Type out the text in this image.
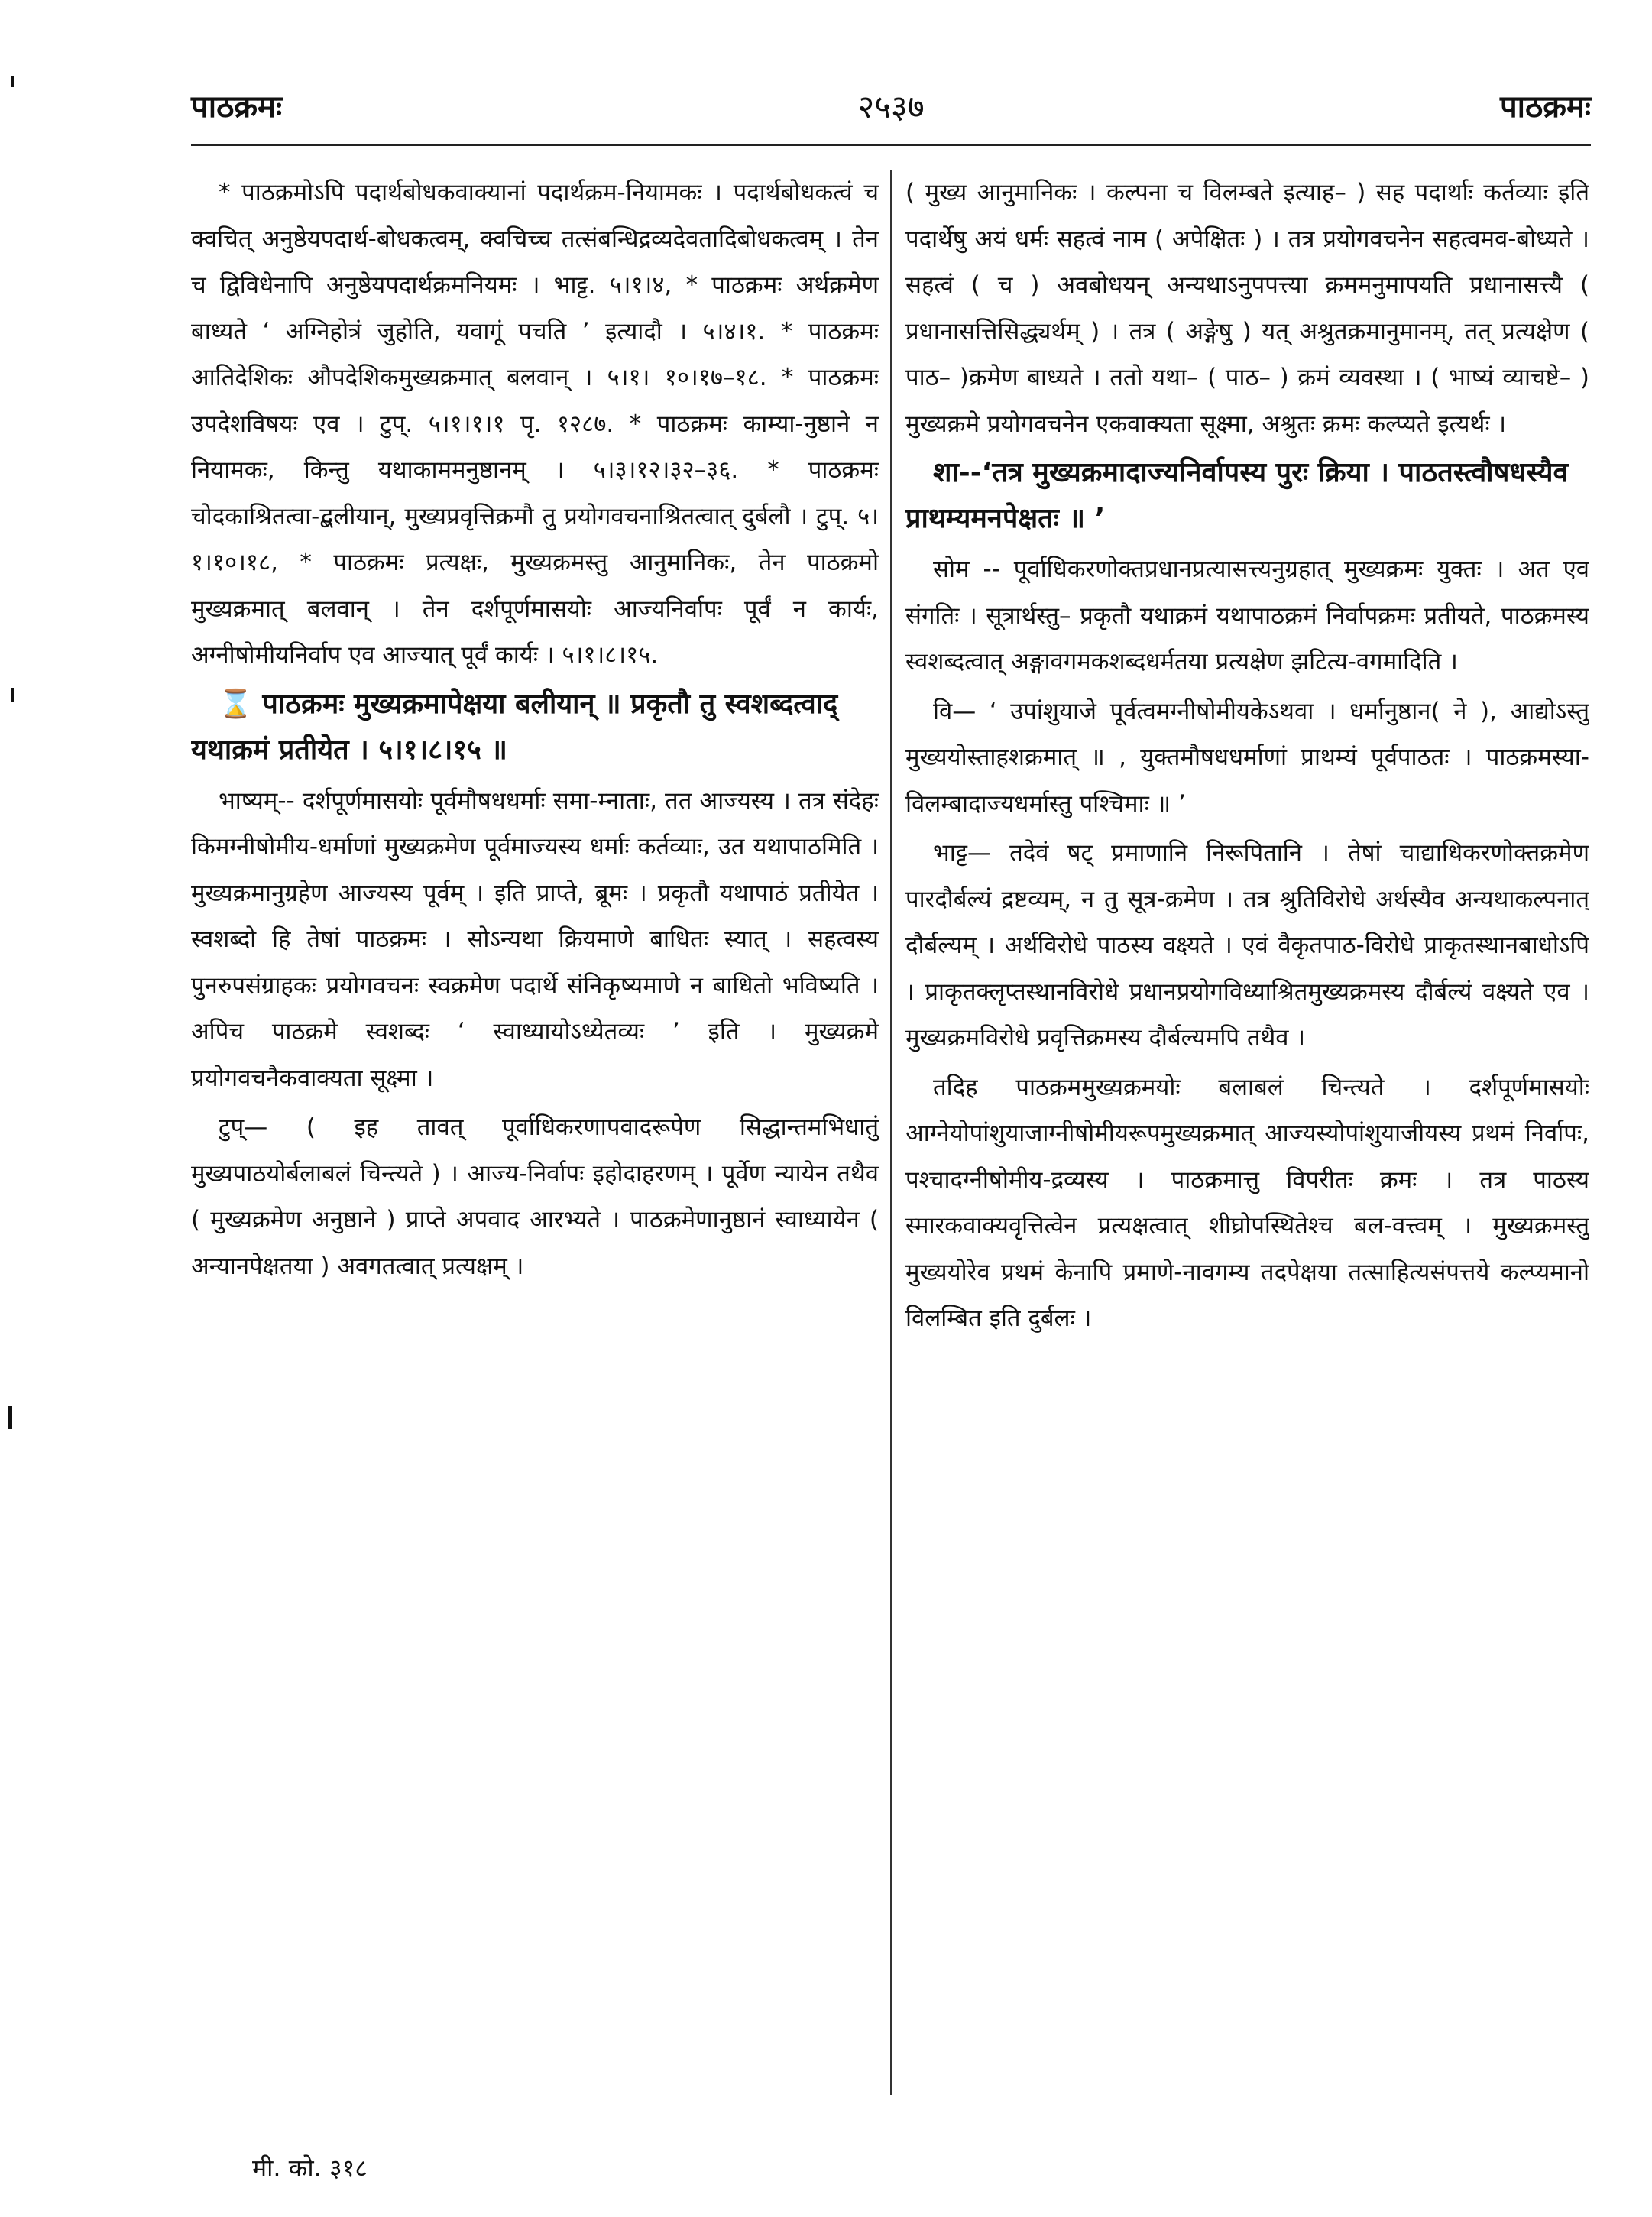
पाठक्रमः	२५३७	पाठक्रमः

* पाठक्रमोऽपि पदार्थबोधकवाक्यानां पदार्थक्रम-नियामकः । पदार्थबोधकत्वं च क्वचित् अनुष्ठेयपदार्थ-बोधकत्वम्, क्वचिच्च तत्संबन्धिद्रव्यदेवतादिबोधकत्वम् । तेन च द्विविधेनापि अनुष्ठेयपदार्थक्रमनियमः । भाट्ट. ५।१।४, * पाठक्रमः अर्थक्रमेण बाध्यते ‘ अग्निहोत्रं जुहोति, यवागूं पचति ’ इत्यादौ । ५।४।१. * पाठक्रमः आतिदेशिकः औपदेशिकमुख्यक्रमात् बलवान् । ५।१। १०।१७–१८. * पाठक्रमः उपदेशविषयः एव । टुप्. ५।१।१।१ पृ. १२८७. * पाठक्रमः काम्या-नुष्ठाने न नियामकः, किन्तु यथाकाममनुष्ठानम् । ५।३।१२।३२–३६. * पाठक्रमः चोदकाश्रितत्वा-द्बलीयान्, मुख्यप्रवृत्तिक्रमौ तु प्रयोगवचनाश्रितत्वात् दुर्बलौ । टुप्. ५।१।१०।१८, * पाठक्रमः प्रत्यक्षः, मुख्यक्रमस्तु आनुमानिकः, तेन पाठक्रमो मुख्यक्रमात् बलवान् । तेन दर्शपूर्णमासयोः आज्यनिर्वापः पूर्वं न कार्यः, अग्नीषोमीयनिर्वाप एव आज्यात् पूर्वं कार्यः । ५।१।८।१५.

⌛ पाठक्रमः मुख्यक्रमापेक्षया बलीयान् ॥ प्रकृतौ तु स्वशब्दत्वाद् यथाक्रमं प्रतीयेत । ५।१।८।१५ ॥

भाष्यम्-- दर्शपूर्णमासयोः पूर्वमौषधधर्माः समा-म्नाताः, तत आज्यस्य । तत्र संदेहः किमग्नीषोमीय-धर्माणां मुख्यक्रमेण पूर्वमाज्यस्य धर्माः कर्तव्याः, उत यथापाठमिति । मुख्यक्रमानुग्रहेण आज्यस्य पूर्वम् । इति प्राप्ते, ब्रूमः । प्रकृतौ यथापाठं प्रतीयेत । स्वशब्दो हि तेषां पाठक्रमः । सोऽन्यथा क्रियमाणे बाधितः स्यात् । सहत्वस्य पुनरुपसंग्राहकः प्रयोगवचनः स्वक्रमेण पदार्थे संनिकृष्यमाणे न बाधितो भविष्यति । अपिच पाठक्रमे स्वशब्दः ‘ स्वाध्यायोऽध्येतव्यः ’ इति । मुख्यक्रमे प्रयोगवचनैकवाक्यता सूक्ष्मा ।

टुप्— ( इह तावत् पूर्वाधिकरणापवादरूपेण सिद्धान्तमभिधातुं मुख्यपाठयोर्बलाबलं चिन्त्यते ) । आज्य-निर्वापः इहोदाहरणम् । पूर्वेण न्यायेन तथैव ( मुख्यक्रमेण अनुष्ठाने ) प्राप्ते अपवाद आरभ्यते । पाठक्रमेणानुष्ठानं स्वाध्यायेन ( अन्यानपेक्षतया ) अवगतत्वात् प्रत्यक्षम् ।

( मुख्य आनुमानिकः । कल्पना च विलम्बते इत्याह– ) सह पदार्थाः कर्तव्याः इति पदार्थेषु अयं धर्मः सहत्वं नाम ( अपेक्षितः ) । तत्र प्रयोगवचनेन सहत्वमव-बोध्यते । सहत्वं ( च ) अवबोधयन् अन्यथाऽनुपपत्त्या क्रममनुमापयति प्रधानासत्त्यै ( प्रधानासत्तिसिद्ध्यर्थम् ) । तत्र ( अङ्गेषु ) यत् अश्रुतक्रमानुमानम्, तत् प्रत्यक्षेण ( पाठ– )क्रमेण बाध्यते । ततो यथा– ( पाठ– ) क्रमं व्यवस्था । ( भाष्यं व्याचष्टे– ) मुख्यक्रमे प्रयोगवचनेन एकवाक्यता सूक्ष्मा, अश्रुतः क्रमः कल्प्यते इत्यर्थः ।

शा--‘तत्र मुख्यक्रमादाज्यनिर्वापस्य पुरः क्रिया । पाठतस्त्वौषधस्यैव प्राथम्यमनपेक्षतः ॥ ’

सोम -- पूर्वाधिकरणोक्तप्रधानप्रत्यासत्त्यनुग्रहात् मुख्यक्रमः युक्तः । अत एव संगतिः । सूत्रार्थस्तु– प्रकृतौ यथाक्रमं यथापाठक्रमं निर्वापक्रमः प्रतीयते, पाठक्रमस्य स्वशब्दत्वात् अङ्गावगमकशब्दधर्मतया प्रत्यक्षेण झटित्य-वगमादिति ।

वि— ‘ उपांशुयाजे पूर्वत्वमग्नीषोमीयकेऽथवा । धर्मानुष्ठान( ने ), आद्योऽस्तु मुख्ययोस्ताहशक्रमात् ॥ , युक्तमौषधधर्माणां प्राथम्यं पूर्वपाठतः । पाठक्रमस्या-विलम्बादाज्यधर्मास्तु पश्चिमाः ॥ ’

भाट्ट— तदेवं षट् प्रमाणानि निरूपितानि । तेषां चाद्याधिकरणोक्तक्रमेण पारदौर्बल्यं द्रष्टव्यम्, न तु सूत्र-क्रमेण । तत्र श्रुतिविरोधे अर्थस्यैव अन्यथाकल्पनात् दौर्बल्यम् । अर्थविरोधे पाठस्य वक्ष्यते । एवं वैकृतपाठ-विरोधे प्राकृतस्थानबाधोऽपि । प्राकृतक्लृप्तस्थानविरोधे प्रधानप्रयोगविध्याश्रितमुख्यक्रमस्य दौर्बल्यं वक्ष्यते एव । मुख्यक्रमविरोधे प्रवृत्तिक्रमस्य दौर्बल्यमपि तथैव ।

तदिह पाठक्रममुख्यक्रमयोः बलाबलं चिन्त्यते । दर्शपूर्णमासयोः आग्नेयोपांशुयाजाग्नीषोमीयरूपमुख्यक्रमात् आज्यस्योपांशुयाजीयस्य प्रथमं निर्वापः, पश्चादग्नीषोमीय-द्रव्यस्य । पाठक्रमात्तु विपरीतः क्रमः । तत्र पाठस्य स्मारकवाक्यवृत्तित्वेन प्रत्यक्षत्वात् शीघ्रोपस्थितेश्च बल-वत्त्वम् । मुख्यक्रमस्तु मुख्ययोरेव प्रथमं केनापि प्रमाणे-नावगम्य तदपेक्षया तत्साहित्यसंपत्तये कल्प्यमानो विलम्बित इति दुर्बलः ।

मी. को. ३१८
